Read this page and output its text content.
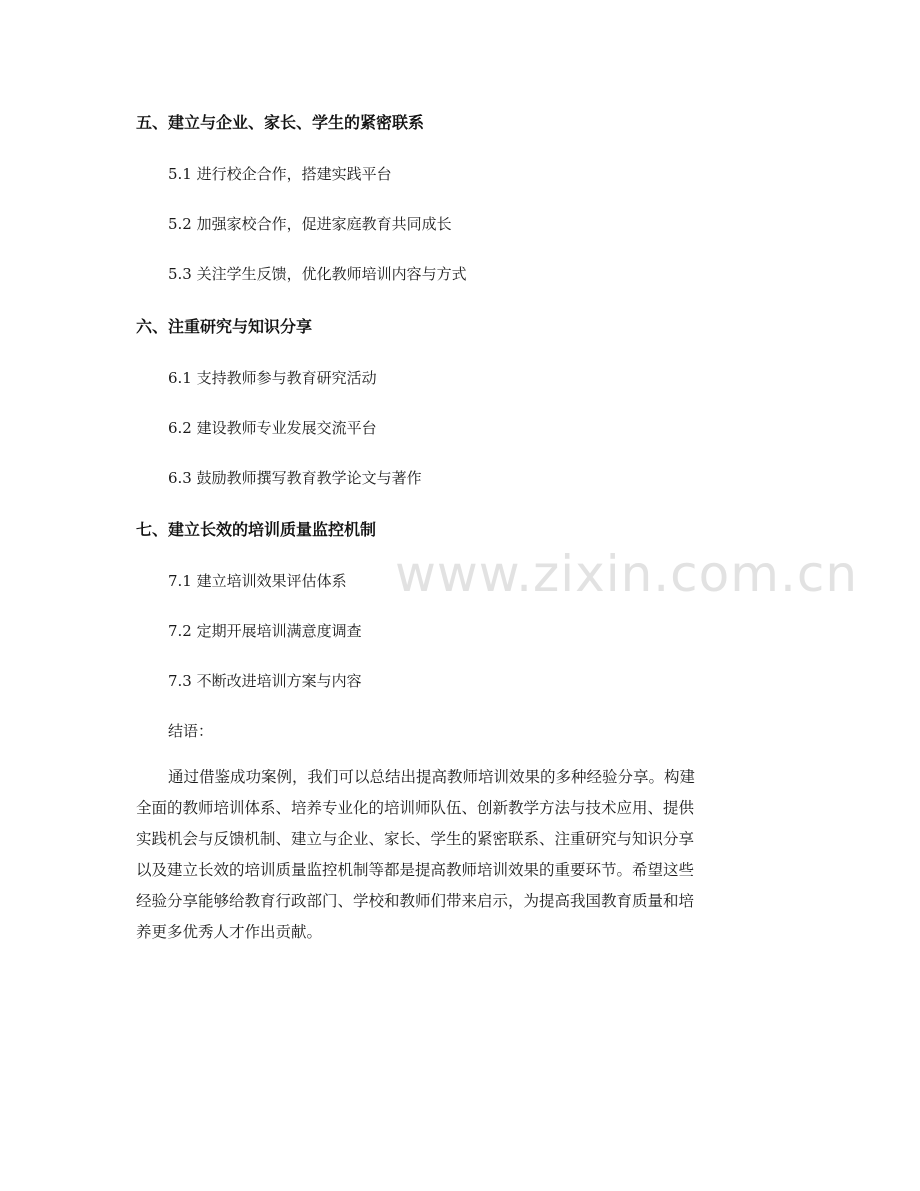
www.zixin.com.cn
五、建立与企业、家长、学生的紧密联系
5.1 进行校企合作，搭建实践平台
5.2 加强家校合作，促进家庭教育共同成长
5.3 关注学生反馈，优化教师培训内容与方式
六、注重研究与知识分享
6.1 支持教师参与教育研究活动
6.2 建设教师专业发展交流平台
6.3 鼓励教师撰写教育教学论文与著作
七、建立长效的培训质量监控机制
7.1 建立培训效果评估体系
7.2 定期开展培训满意度调查
7.3 不断改进培训方案与内容
结语：
通过借鉴成功案例，我们可以总结出提高教师培训效果的多种经验分享。构建
全面的教师培训体系、培养专业化的培训师队伍、创新教学方法与技术应用、提供
实践机会与反馈机制、建立与企业、家长、学生的紧密联系、注重研究与知识分享
以及建立长效的培训质量监控机制等都是提高教师培训效果的重要环节。希望这些
经验分享能够给教育行政部门、学校和教师们带来启示，为提高我国教育质量和培
养更多优秀人才作出贡献。
